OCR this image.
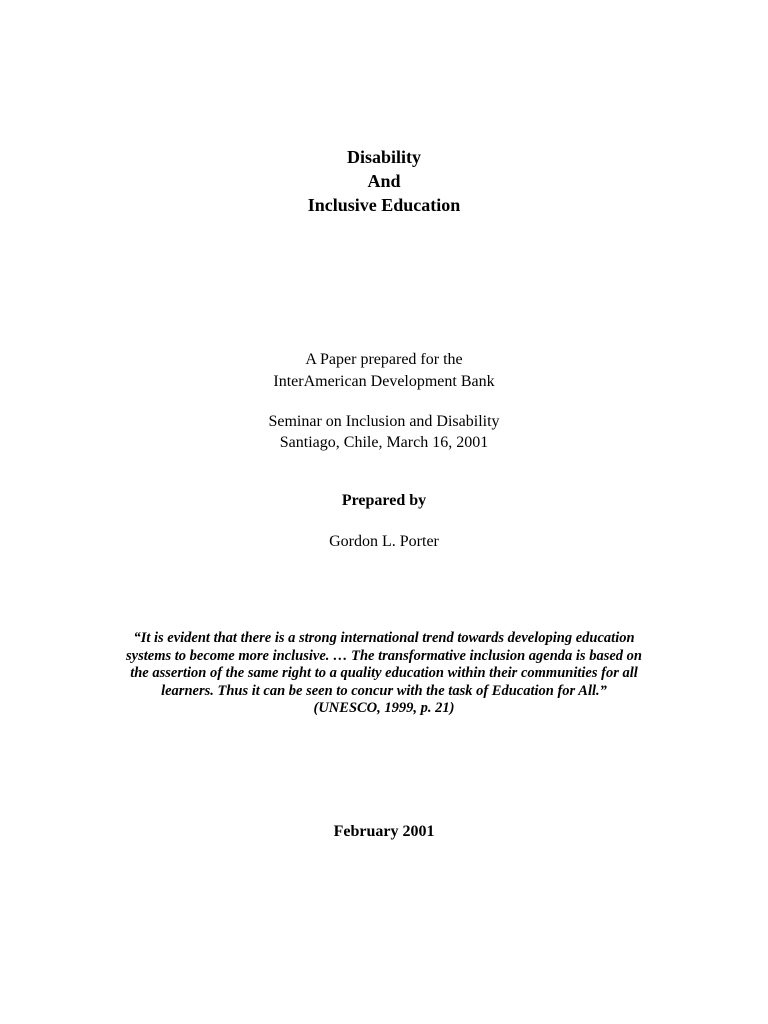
Disability
And
Inclusive Education
A Paper prepared for the
InterAmerican Development Bank
Seminar on Inclusion and Disability
Santiago, Chile, March 16, 2001
Prepared by
Gordon L. Porter
“It is evident that there is a strong international trend towards developing education
systems to become more inclusive. … The transformative inclusion agenda is based on
the assertion of the same right to a quality education within their communities for all
learners. Thus it can be seen to concur with the task of Education for All.”
(UNESCO, 1999, p. 21)
February 2001
